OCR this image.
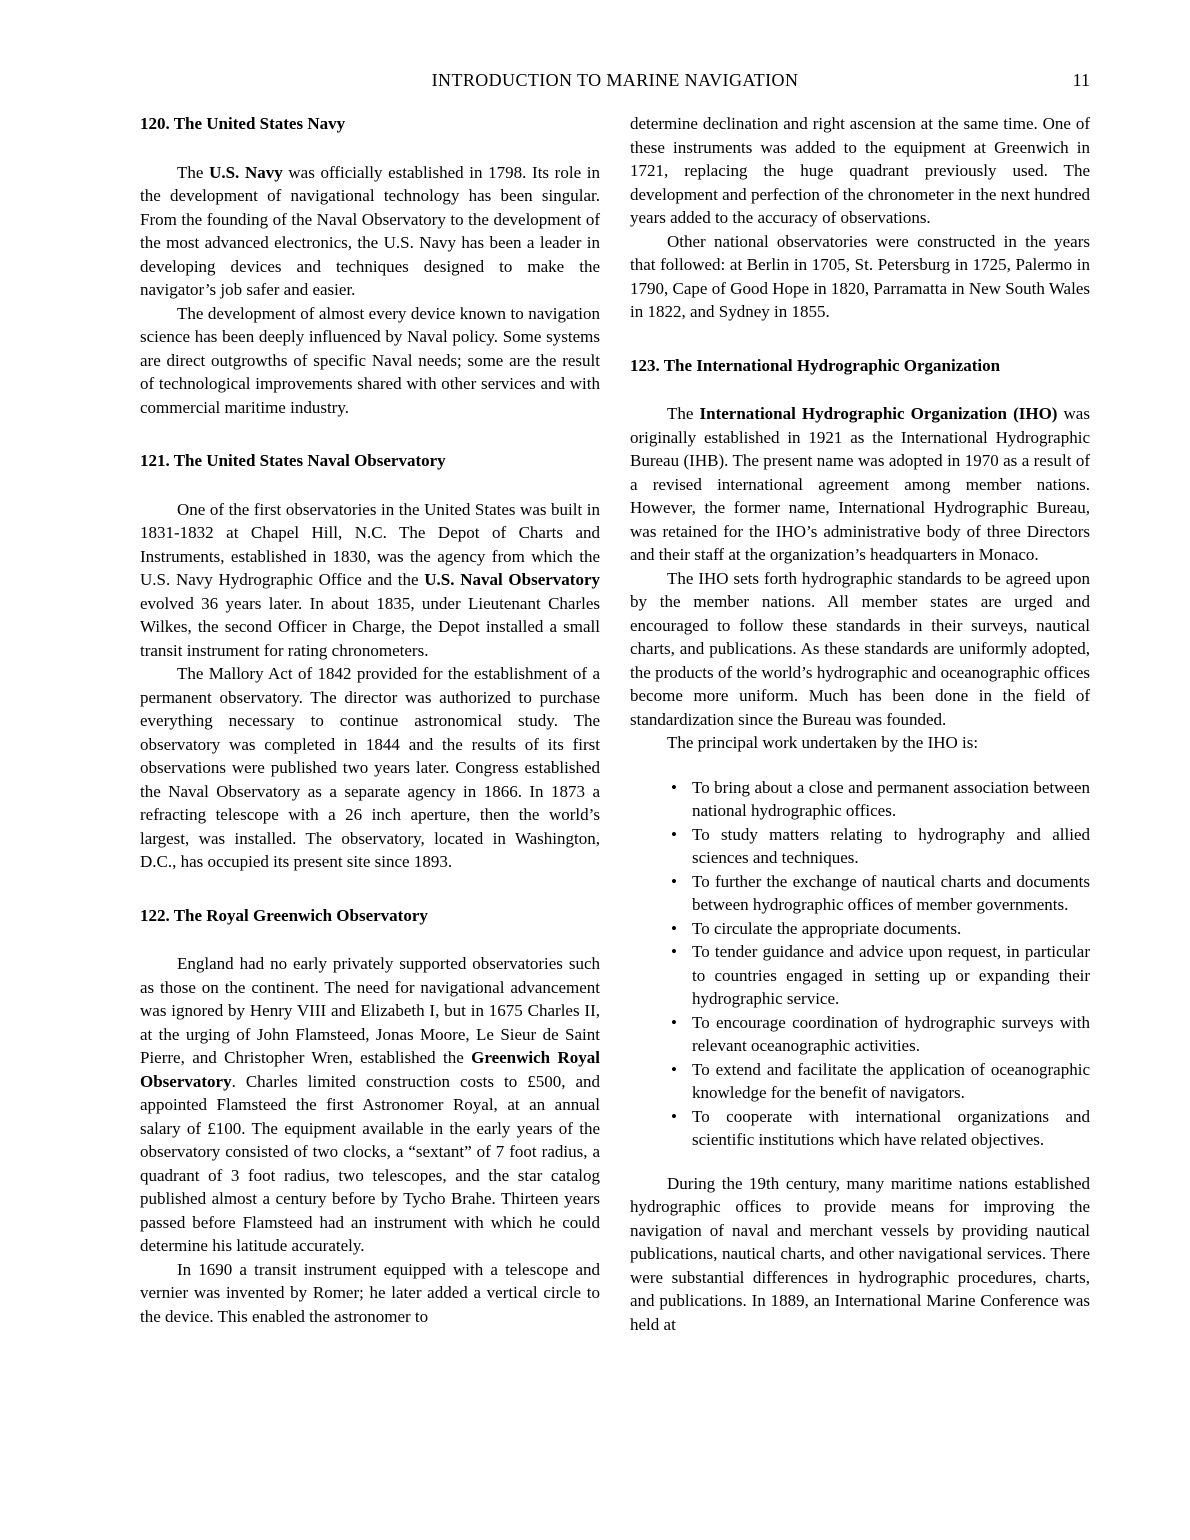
INTRODUCTION TO MARINE NAVIGATION	11
120. The United States Navy

The U.S. Navy was officially established in 1798. Its role in the development of navigational technology has been singular. From the founding of the Naval Observatory to the development of the most advanced electronics, the U.S. Navy has been a leader in developing devices and techniques designed to make the navigator’s job safer and easier.

The development of almost every device known to navigation science has been deeply influenced by Naval policy. Some systems are direct outgrowths of specific Naval needs; some are the result of technological improvements shared with other services and with commercial maritime industry.

121. The United States Naval Observatory

One of the first observatories in the United States was built in 1831-1832 at Chapel Hill, N.C. The Depot of Charts and Instruments, established in 1830, was the agency from which the U.S. Navy Hydrographic Office and the U.S. Naval Observatory evolved 36 years later. In about 1835, under Lieutenant Charles Wilkes, the second Officer in Charge, the Depot installed a small transit instrument for rating chronometers.

The Mallory Act of 1842 provided for the establishment of a permanent observatory. The director was authorized to purchase everything necessary to continue astronomical study. The observatory was completed in 1844 and the results of its first observations were published two years later. Congress established the Naval Observatory as a separate agency in 1866. In 1873 a refracting telescope with a 26 inch aperture, then the world’s largest, was installed. The observatory, located in Washington, D.C., has occupied its present site since 1893.

122. The Royal Greenwich Observatory

England had no early privately supported observatories such as those on the continent. The need for navigational advancement was ignored by Henry VIII and Elizabeth I, but in 1675 Charles II, at the urging of John Flamsteed, Jonas Moore, Le Sieur de Saint Pierre, and Christopher Wren, established the Greenwich Royal Observatory. Charles limited construction costs to £500, and appointed Flamsteed the first Astronomer Royal, at an annual salary of £100. The equipment available in the early years of the observatory consisted of two clocks, a “sextant” of 7 foot radius, a quadrant of 3 foot radius, two telescopes, and the star catalog published almost a century before by Tycho Brahe. Thirteen years passed before Flamsteed had an instrument with which he could determine his latitude accurately.

In 1690 a transit instrument equipped with a telescope and vernier was invented by Romer; he later added a vertical circle to the device. This enabled the astronomer to

determine declination and right ascension at the same time. One of these instruments was added to the equipment at Greenwich in 1721, replacing the huge quadrant previously used. The development and perfection of the chronometer in the next hundred years added to the accuracy of observations.

Other national observatories were constructed in the years that followed: at Berlin in 1705, St. Petersburg in 1725, Palermo in 1790, Cape of Good Hope in 1820, Parramatta in New South Wales in 1822, and Sydney in 1855.

123. The International Hydrographic Organization

The International Hydrographic Organization (IHO) was originally established in 1921 as the International Hydrographic Bureau (IHB). The present name was adopted in 1970 as a result of a revised international agreement among member nations. However, the former name, International Hydrographic Bureau, was retained for the IHO’s administrative body of three Directors and their staff at the organization’s headquarters in Monaco.

The IHO sets forth hydrographic standards to be agreed upon by the member nations. All member states are urged and encouraged to follow these standards in their surveys, nautical charts, and publications. As these standards are uniformly adopted, the products of the world’s hydrographic and oceanographic offices become more uniform. Much has been done in the field of standardization since the Bureau was founded.

The principal work undertaken by the IHO is:

• To bring about a close and permanent association between national hydrographic offices.
• To study matters relating to hydrography and allied sciences and techniques.
• To further the exchange of nautical charts and documents between hydrographic offices of member governments.
• To circulate the appropriate documents.
• To tender guidance and advice upon request, in particular to countries engaged in setting up or expanding their hydrographic service.
• To encourage coordination of hydrographic surveys with relevant oceanographic activities.
• To extend and facilitate the application of oceanographic knowledge for the benefit of navigators.
• To cooperate with international organizations and scientific institutions which have related objectives.

During the 19th century, many maritime nations established hydrographic offices to provide means for improving the navigation of naval and merchant vessels by providing nautical publications, nautical charts, and other navigational services. There were substantial differences in hydrographic procedures, charts, and publications. In 1889, an International Marine Conference was held at
